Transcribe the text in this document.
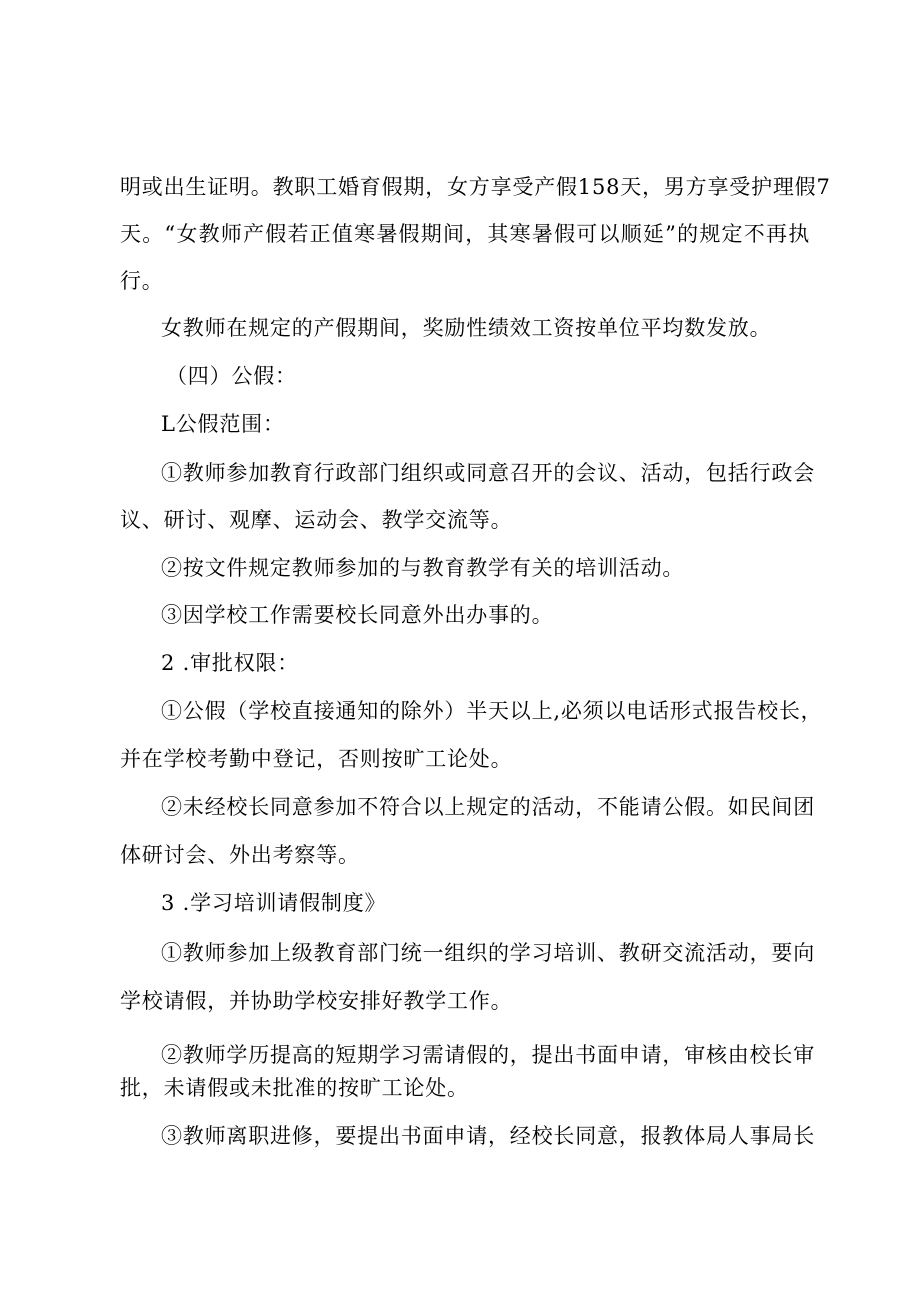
明或出生证明。教职工婚育假期，女方享受产假158天，男方享受护理假7
天。“女教师产假若正值寒暑假期间，其寒暑假可以顺延”的规定不再执
行。
女教师在规定的产假期间，奖励性绩效工资按单位平均数发放。
（四）公假：
L公假范围：
①教师参加教育行政部门组织或同意召开的会议、活动，包括行政会
议、研讨、观摩、运动会、教学交流等。
②按文件规定教师参加的与教育教学有关的培训活动。
③因学校工作需要校长同意外出办事的。
2 .审批权限：
①公假（学校直接通知的除外）半天以上,必须以电话形式报告校长，
并在学校考勤中登记，否则按旷工论处。
②未经校长同意参加不符合以上规定的活动，不能请公假。如民间团
体研讨会、外出考察等。
3 .学习培训请假制度》
①教师参加上级教育部门统一组织的学习培训、教研交流活动，要向
学校请假，并协助学校安排好教学工作。
②教师学历提高的短期学习需请假的，提出书面申请，审核由校长审
批，未请假或未批准的按旷工论处。
③教师离职进修，要提出书面申请，经校长同意，报教体局人事局长
